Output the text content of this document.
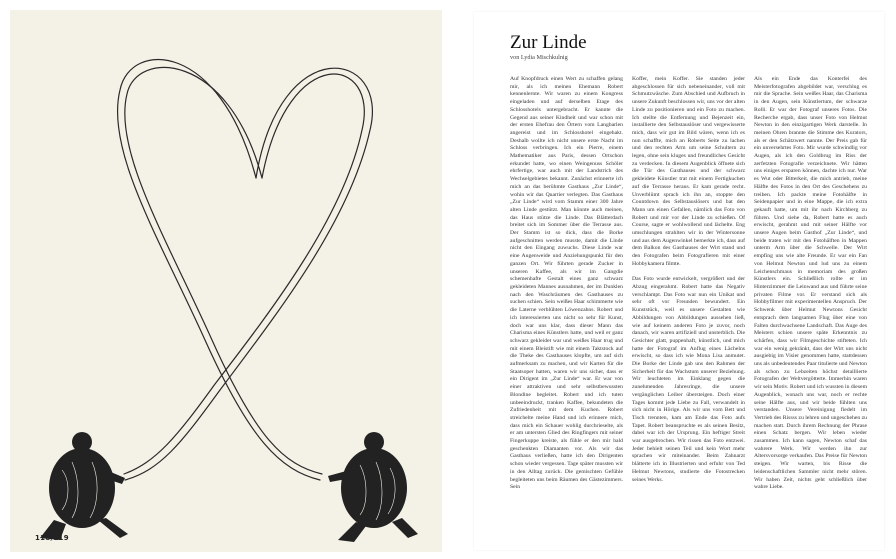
118/119
Zur Linde
von Lydia Mischkulnig

Auf Knopfdruck einen Wert zu schaffen gelang mir, als ich meinen Ehemann Robert kennenlernte. Wir waren zu einem Kongress eingeladen und auf derselben Etage des Schlosshotels untergebracht. Er kannte die Gegend aus seiner Kindheit und war schon mit der ersten Ehefrau den Örtern vom Langbarlen angereist und im Schlosshotel eingehakt. Deshalb wollte ich nicht unsere erste Nacht im Schloss verbringen. Ich ein Pierre, einem Mathematiker aus Paris, dessen Ortschon erkundet hatte, wo einen Weingenuss Schöler ehrfertige, war auch mit der Landstrich des Wechselgebietes bekannt. Zunächst erinnerte ich mich an das berühmte Gasthaus „Zur Linde“, wohin wir das Quartier verlegten. Das Gasthaus „Zur Linde“ wird vom Stamm einer 300 Jahre alten Linde gestützt. Man könnte auch meinen, das Haus stütze die Linde. Das Blätterdach breitet sich im Sommer über die Terrasse aus. Der Stamm ist so dick, dass die Borke aufgeschnitten werden musste, damit die Linde nicht den Eingang zuwuchs. Diese Linde war eine Augenweide und Anziehungspunkt für den ganzen Ort. Wir führten gerade Zucker in unseren Kaffee, als wir im Gangdie schemenhafte Gestalt eines ganz schwarz gekleideten Mannes ausnahmen, der im Dunklen nach den Waschräumen des Gasthauses zu suchen schien. Sein weißes Haar schimmerte wie die Laterne verblühten Löwenzahns. Robert und ich interessierten uns nicht so sehr für Kunst, doch war uns klar, dass dieser Mann das Charisma eines Künstlers hatte, und weil er ganz schwarz gekleidet war und weißes Haar trug und mit einem Bleistift wie mit einem Taktstock auf die Theke des Gasthauses klopfte, um auf sich aufmerksam zu machen, und wir Karten für die Staatsoper hatten, waren wir uns sicher, dass er ein Dirigent im „Zur Linde“ war. Er war von einer attraktiven und sehr selbstbewussten Blondine begleitet. Robert und ich tuten unbeeindruckt, tranken Kaffee, bekundeten die Zufriedenheit mit dem Kuchen. Robert streichelte meine Hand und ich erinnere mich, dass mich ein Schauer wohlig durchrieselte, als er am untersten Glied des Ringfingers mit seiner Fingerkuppe kreiste, als fühle er den mir bald geschenkten Diamanten vor. Als wir das Gasthaus verließen, hatte ich den Dirigenten schon wieder vergessen. Tage später mussten wir in den Alltag zurück. Die gemischten Gefühle begleiteten uns beim Räumen des Gästezimmers. Sein

Koffer, mein Koffer. Sie standen jeder abgeschlossen für sich nebeneinander, voll mit Schmutzwäsche. Zum Abschied und Aufbruch in unsere Zukunft beschlossen wir, uns vor der alten Linde zu positionieren und ein Foto zu machen. Ich stellte die Entfernung und Bejenzeit ein, installierte den Selbstauslöser und vergewisserte mich, dass wir gut im Bild wären, wenn ich es nun schaffte, mich an Roberts Seite zu lachen und den rechten Arm um seine Schultern zu legen, ohne sein kluges und freundliches Gesicht zu verdecken. In diesem Augenblick öffnete sich die Tür des Gasthauses und der schwarz gekleidete Künstler trat mit einem Fertigkuchen auf die Terrasse heraus. Er kam gerade recht. Unverblümt sprach ich ihn an, stoppte den Countdown des Selbstauslösers und bat den Mann um einen Gefallen, nämlich das Foto von Robert und mir vor der Linde zu schießen. Of Course, sagte er wohlwollend und lächelte. Eng umschlungen strahlten wir in der Wintersonne und aus dem Augenwinkel bemerkte ich, dass auf dem Balkon des Gasthauses der Wirt stand und den Fotografen beim Fotografieren mit einer Hobbykamera filmte.

Das Foto wurde entwickelt, vergrößert und der Abzug eingerahmt. Robert hatte das Negativ verschlampt. Das Foto war nun ein Unikat und sehr oft vor Freunden bewundert. Ein Kunststück, weil es unsere Gestalten wie Abbildungen von Abbildungen aussehen ließ, wie auf keinem anderen Foto je zuvor, noch danach, wir waren artifiziell und unsterblich. Die Gesichter glatt, puppenhaft, künstlich, und mich hatte der Fotograf im Anflug eines Lächelns erwischt, so dass ich wie Mona Lisa anmutet. Die Borke der Linde gab uns den Rahmen der Sicherheit für das Wachstum unserer Beziehung. Wir leuchteten im Einklang gegen die zunehmenden Jahresringe, die unsere vergänglichen Leiber übersteigen. Doch einer Tages kommt jede Liebe zu Fall, verwandelt in sich nicht in Hörige. Als wir uns vom Bett und Tisch trennten, kam am Ende das Foto aufs Tapet. Robert beanspruchte es als seinen Besitz, dabei war ich der Ursprung. Ein heftiger Streit war ausgebrochen. Wir rissen das Foto entzwei. Jeder behielt seinen Teil und kein Wort mehr sprachen wir miteinander. Beim Zahnarzt blätterte ich in Illustrierten und erfuhr von Ted Helmut Newtons, studierte die Fotostrecken seines Werks.

Als ein Ende das Konterfei des Meisterfotografen abgebildet war, verschlug es mir die Sprache. Sein weißes Haar, das Charisma in den Augen, sein Künstlertum, der schwarze Rolli. Er war der Fotograf unseres Fotos. Die Recherche ergab, dass unser Foto von Helmut Newton in den einzigartigen Werk darstelle. In meinen Ohren brannte die Stimme des Kurators, als er den Schätzwert nannte. Der Preis gab für ein unversehrtes Foto. Mir wurde schwindlig vor Augen, als ich den Goldbrug im Riss der zerfetzten Fotografie verzeichnete. Wir hätten uns einiges ersparen können, dachte ich nur. War es Wut oder Bitterkeit, die mich antrieb, meine Hälfte des Fotos in den Ort des Geschehens zu treiben. Ich packte meine Fotohälfte in Seidenpapier und in eine Mappe, die ich extra gekauft hatte, um mit ihr nach Kirchberg zu führen. Und siehe da, Robert hatte es auch erwischt, gerahmt und mit seiner Hälfte vor unsere Augen beim Gasthof „Zur Linde“, und beide traten wir mit den Fotohälften in Mappen unterm Arm über die Schwelle. Der Wirt empfing uns wie alte Freunde. Er war ein Fan von Helmut Newton und lud uns zu einem Leichenschmaus in memoriam des großen Künstlers ein. Schließlich rollte er im Hinterzimmer die Leinwand aus und führte seine privaten Filme vor. Er verstand sich als Hobbyfilmer mit experimentellen Anspruch. Der Schwenk über Helmut Newtons Gesicht entsprach dem langsamen Flug über eine von Falten durchwachsene Landschaft. Das Auge des Meisters schien unsere späte Erkenntnis zu schärfen, dass wir Filmgeschichte stifteten. Ich war ein wenig gekränkt, dass der Wirt uns nicht ausgiebig im Visier genommen hatte, stattdessen uns als unbedeutendes Paar titulierte und Newton als schon zu Lebzeiten höchst detaillierte Fotografen der Weltvergötterte. Immerhin waren wir sein Motiv. Robert und ich wussten in diesem Augenblick, wonach uns war, noch er rechte seine Hälfte aus, und wir beide fühlten uns verstanden. Unsere Vereinigung fiedelt im Vertrieb des Rissss zu lehren und ungeschehen zu machen statt. Durch ihrem Rechnung der Phrase einen Schatz bergen. Wir leben wieder zusammen. Ich kann sagen, Newton schaf das wahrere Werk. Wir werden ihn zur Altersvorsorge verkaufen. Das Preise für Newton steigen. Wir warten, bis Risse die leidenschaftlichen Sammler nicht mehr stören. Wir haben Zeit, nichts geht schließlich über wahre Liebe.
